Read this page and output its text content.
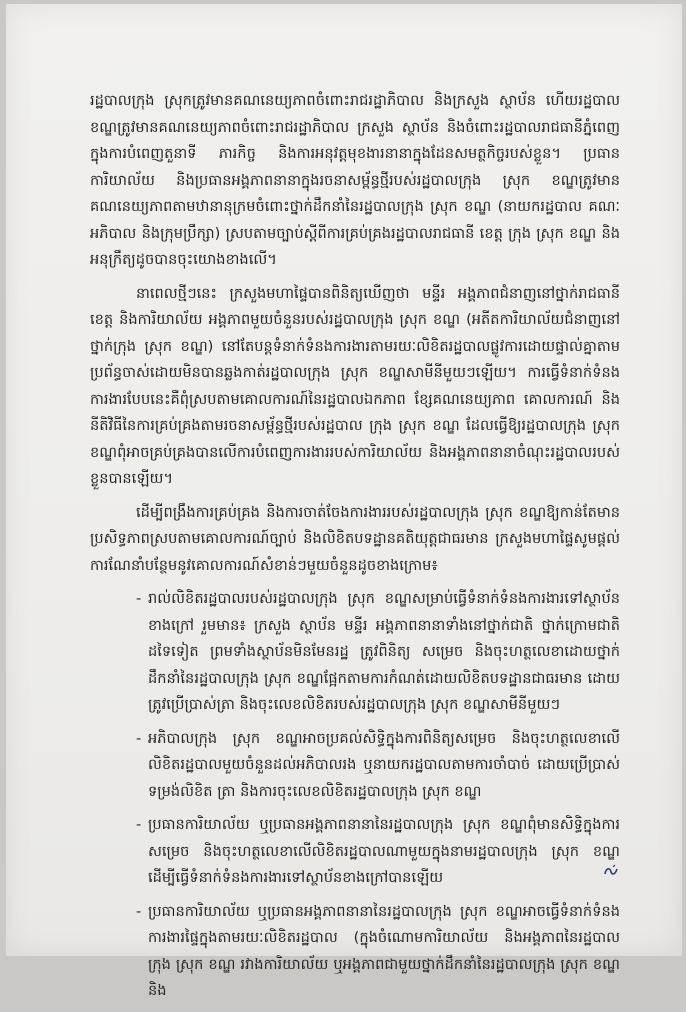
រដ្ឋបាលក្រុង ស្រុកត្រូវមានគណនេយ្យភាពចំពោះរាជរដ្ឋាភិបាល និងក្រសួង ស្ថាប័ន ហើយរដ្ឋបាលខណ្ឌត្រូវមានគណនេយ្យភាពចំពោះរាជរដ្ឋាភិបាល ក្រសួង ស្ថាប័ន និងចំពោះរដ្ឋបាលរាជធានីភ្នំពេញក្នុងការបំពេញតួនាទី ភារកិច្ច និងការអនុវត្តមុខងារនានាក្នុងដែនសមត្ថកិច្ចរបស់ខ្លួន។ ប្រធានការិយាល័យ និងប្រធានអង្គភាពនានាក្នុងរចនាសម្ព័ន្ធថ្មីរបស់រដ្ឋបាលក្រុង ស្រុក ខណ្ឌត្រូវមានគណនេយ្យភាពតាមឋានានុក្រមចំពោះថ្នាក់ដឹកនាំនៃរដ្ឋបាលក្រុង ស្រុក ខណ្ឌ (នាយករដ្ឋបាល គណៈអភិបាល និងក្រុមប្រឹក្សា) ស្របតាមច្បាប់ស្តីពីការគ្រប់គ្រងរដ្ឋបាលរាជធានី ខេត្ត ក្រុង ស្រុក ខណ្ឌ និងអនុក្រឹត្យដូចបានចុះយោងខាងលើ។

នាពេលថ្មីៗនេះ ក្រសួងមហាផ្ទៃបានពិនិត្យឃើញថា មន្ទីរ អង្គភាពជំនាញនៅថ្នាក់រាជធានី ខេត្ត និងការិយាល័យ អង្គភាពមួយចំនួនរបស់រដ្ឋបាលក្រុង ស្រុក ខណ្ឌ (អតីតការិយាល័យជំនាញនៅថ្នាក់ក្រុង ស្រុក ខណ្ឌ) នៅតែបន្តទំនាក់ទំនងការងារតាមរយៈលិខិតរដ្ឋបាលផ្លូវការដោយផ្ទាល់គ្នាតាមប្រព័ន្ធចាស់ដោយមិនបានឆ្លងកាត់រដ្ឋបាលក្រុង ស្រុក ខណ្ឌសាមីនីមួយៗឡើយ។ ការធ្វើទំនាក់ទំនងការងារបែបនេះគឺពុំស្របតាមគោលការណ៍នៃរដ្ឋបាលឯកភាព ខ្សែគណនេយ្យភាព គោលការណ៍ និងនីតិវិធីនៃការគ្រប់គ្រងតាមរចនាសម្ព័ន្ធថ្មីរបស់រដ្ឋបាល ក្រុង ស្រុក ខណ្ឌ ដែលធ្វើឱ្យរដ្ឋបាលក្រុង ស្រុក ខណ្ឌពុំអាចគ្រប់គ្រងបានលើការបំពេញការងាររបស់ការិយាល័យ និងអង្គភាពនានាចំណុះរដ្ឋបាលរបស់ខ្លួនបានឡើយ។

ដើម្បីពង្រឹងការគ្រប់គ្រង និងការចាត់ចែងការងាររបស់រដ្ឋបាលក្រុង ស្រុក ខណ្ឌឱ្យកាន់តែមានប្រសិទ្ធភាពស្របតាមគោលការណ៍ច្បាប់ និងលិខិតបទដ្ឋានគតិយុត្តជាធរមាន ក្រសួងមហាផ្ទៃសូមផ្តល់ការណែនាំបន្ថែមនូវគោលការណ៍សំខាន់ៗមួយចំនួនដូចខាងក្រោម៖

- រាល់លិខិតរដ្ឋបាលរបស់រដ្ឋបាលក្រុង ស្រុក ខណ្ឌសម្រាប់ធ្វើទំនាក់ទំនងការងារទៅស្ថាប័នខាងក្រៅ រួមមាន៖ ក្រសួង ស្ថាប័ន មន្ទីរ អង្គភាពនានាទាំងនៅថ្នាក់ជាតិ ថ្នាក់ក្រោមជាតិដទៃទៀត ព្រមទាំងស្ថាប័នមិនមែនរដ្ឋ ត្រូវពិនិត្យ សម្រេច និងចុះហត្ថលេខាដោយថ្នាក់ដឹកនាំនៃរដ្ឋបាលក្រុង ស្រុក ខណ្ឌផ្អែកតាមការកំណត់ដោយលិខិតបទដ្ឋានជាធរមាន ដោយត្រូវប្រើប្រាស់ត្រា និងចុះលេខលិខិតរបស់រដ្ឋបាលក្រុង ស្រុក ខណ្ឌសាមីនីមួយៗ
- អភិបាលក្រុង ស្រុក ខណ្ឌអាចប្រគល់សិទ្ធិក្នុងការពិនិត្យសម្រេច និងចុះហត្ថលេខាលើលិខិតរដ្ឋបាលមួយចំនួនដល់អភិបាលរង ឬនាយករដ្ឋបាលតាមការចាំបាច់ ដោយប្រើប្រាស់ទម្រង់លិខិត ត្រា និងការចុះលេខលិខិតរដ្ឋបាលក្រុង ស្រុក ខណ្ឌ
- ប្រធានការិយាល័យ ឬប្រធានអង្គភាពនានានៃរដ្ឋបាលក្រុង ស្រុក ខណ្ឌពុំមានសិទ្ធិក្នុងការសម្រេច និងចុះហត្ថលេខាលើលិខិតរដ្ឋបាលណាមួយក្នុងនាមរដ្ឋបាលក្រុង ស្រុក ខណ្ឌ ដើម្បីធ្វើទំនាក់ទំនងការងារទៅស្ថាប័នខាងក្រៅបានឡើយ
- ប្រធានការិយាល័យ ឬប្រធានអង្គភាពនានានៃរដ្ឋបាលក្រុង ស្រុក ខណ្ឌអាចធ្វើទំនាក់ទំនងការងារផ្ទៃក្នុងតាមរយៈលិខិតរដ្ឋបាល (ក្នុងចំណោមការិយាល័យ និងអង្គភាពនៃរដ្ឋបាលក្រុង ស្រុក ខណ្ឌ រវាងការិយាល័យ ឬអង្គភាពជាមួយថ្នាក់ដឹកនាំនៃរដ្ឋបាលក្រុង ស្រុក ខណ្ឌ និង
